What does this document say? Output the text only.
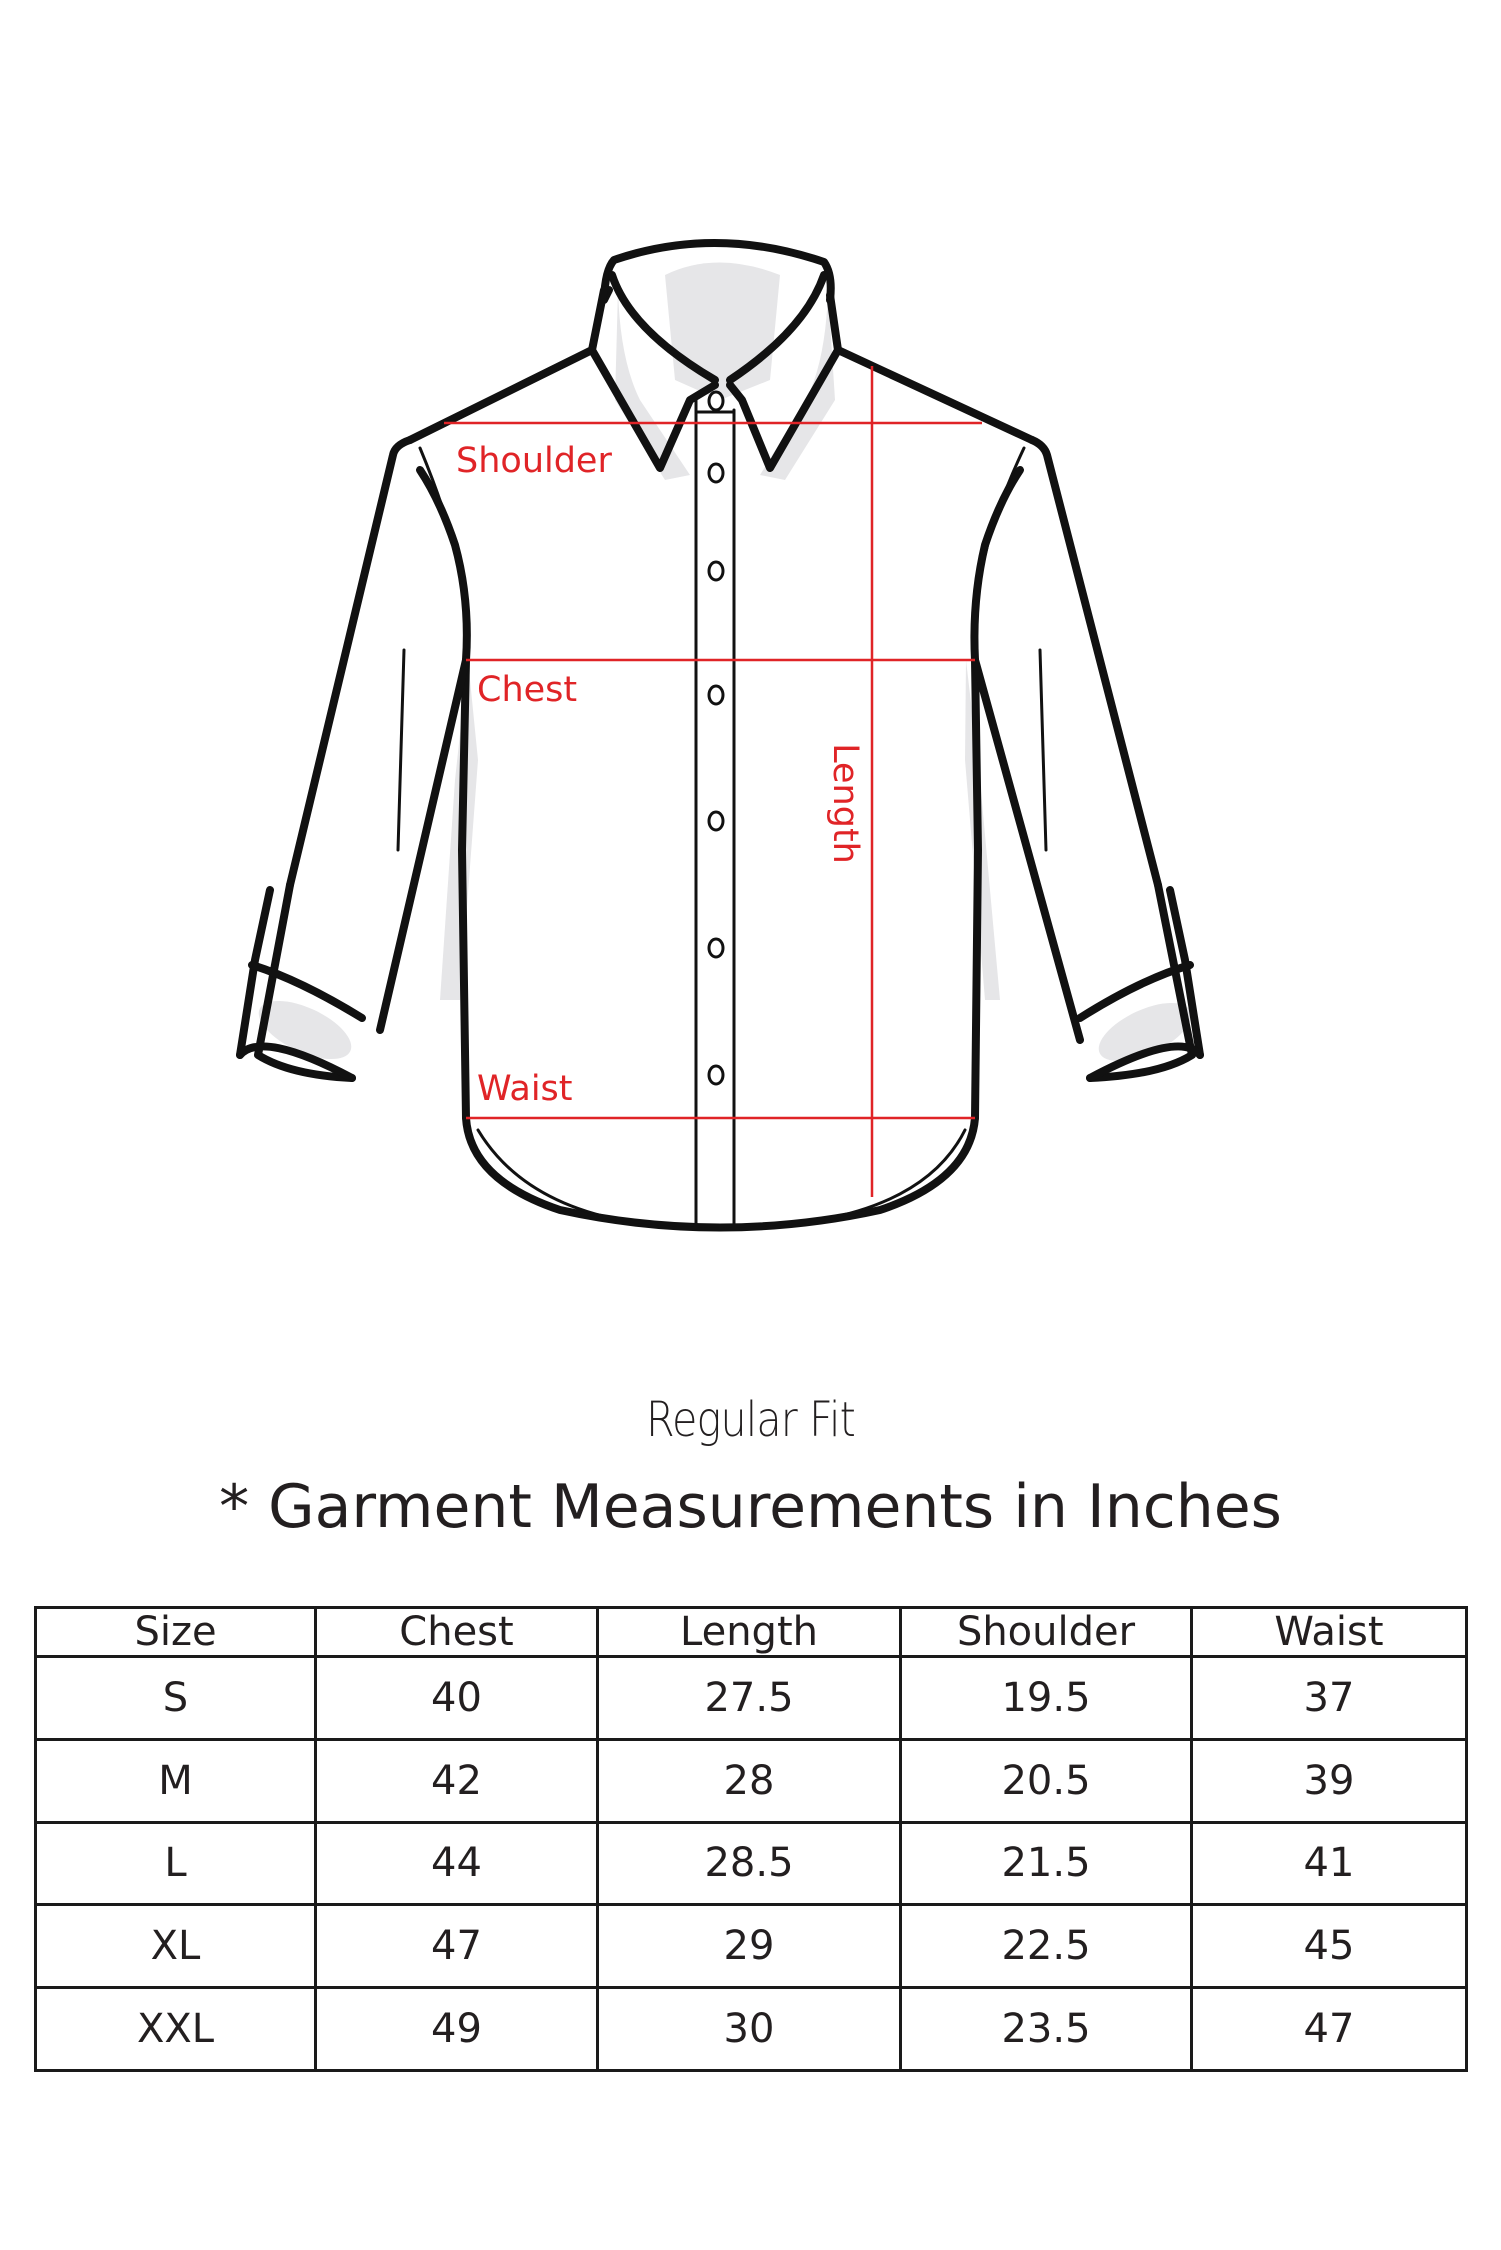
Shoulder
Chest
Length
Waist
Regular Fit
* Garment Measurements in Inches
Size	Chest	Length	Shoulder	Waist
S	40	27.5	19.5	37
M	42	28	20.5	39
L	44	28.5	21.5	41
XL	47	29	22.5	45
XXL	49	30	23.5	47
